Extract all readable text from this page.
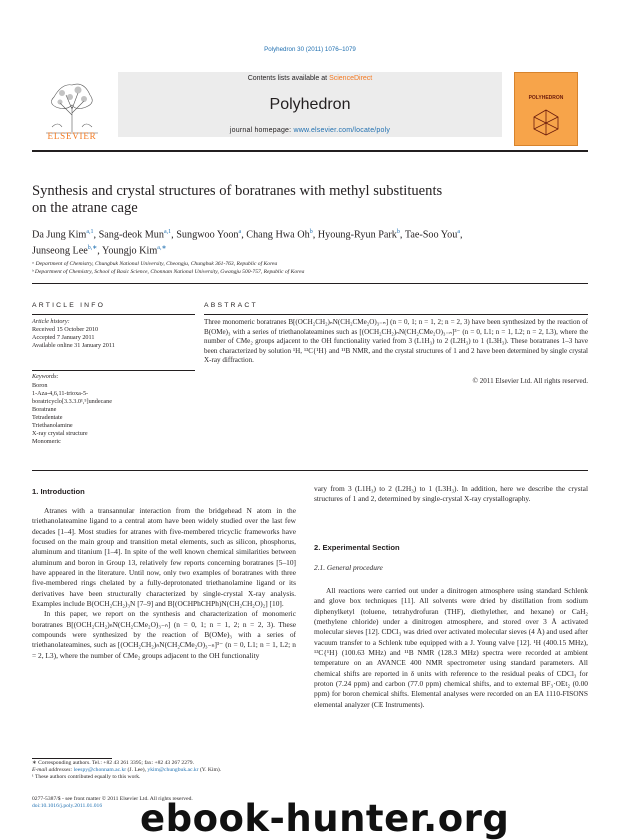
Polyhedron 30 (2011) 1076–1079
ELSEVIER
Contents lists available at ScienceDirect
Polyhedron
journal homepage: www.elsevier.com/locate/poly
POLYHEDRON
Synthesis and crystal structures of boratranes with methyl substituents
on the atrane cage
Da Jung Kim$^{a,1}$, Sang-deok Mun$^{a,1}$, Sungwoo Yoon$^a$, Chang Hwa Oh$^b$, Hyoung-Ryun Park$^b$, Tae-Soo You$^a$,
Junseong Lee$^{b,∗}$, Youngjo Kim$^{a,∗}$
ᵃ Department of Chemistry, Chungbuk National University, Cheongju, Chungbuk 361-763, Republic of Korea
ᵇ Department of Chemistry, School of Basic Science, Chonnam National University, Gwangju 500-757, Republic of Korea
ARTICLE INFO	ABSTRACT
Article history:
Received 15 October 2010
Accepted 7 January 2011
Available online 31 January 2011
Keywords:
Boron
1-Aza-4,6,11-trioxa-5-
boratricyclo[3.3.3.0¹,⁵]undecane
Boratrane
Tetradentate
Triethanolamine
X-ray crystal structure
Monomeric
Three monomeric boratranes B[(OCH₂CH₂)ₙN(CH₂CMe₂O)₃₋ₙ] (n = 0, 1; n = 1, 2; n = 2, 3) have been synthesized by the reaction of B(OMe)₃ with a series of triethanolateamines such as [(OCH₂CH₂)ₙN(CH₂CMe₂O)₃₋ₙ]³⁻ (n = 0, L1; n = 1, L2; n = 2, L3), where the number of CMe₂ groups adjacent to the OH functionality varied from 3 (L1H₃) to 2 (L2H₃) to 1 (L3H₃). These boratranes 1–3 have been characterized by solution ¹H, ¹³C{¹H} and ¹¹B NMR, and the crystal structures of 1 and 2 have been determined by single crystal X-ray diffraction.
© 2011 Elsevier Ltd. All rights reserved.
1. Introduction

Atranes with a transannular interaction from the bridgehead N atom in the triethanolateamine ligand to a central atom have been widely studied over the last few decades [1–4]. Most studies for atranes with five-membered tricyclic frameworks have focused on the main group and transition metal elements, such as silicon, phosphorus, aluminum and titanium [1–4]. In spite of the well known chemical similarities between aluminum and boron in Group 13, relatively few reports concerning boratranes [5–10] have appeared in the literature. Until now, only two examples of boratranes with three five-membered rings chelated by a fully-deprotonated triethanolamine ligand or its derivatives have been structurally characterized by single-crystal X-ray analysis. Examples include B(OCH₂CH₂)₃N [7–9] and B[(OCHPhCHPh)N(CH₂CH₂O)₂] [10].

In this paper, we report on the synthesis and characterization of monomeric boratranes B[(OCH₂CH₂)ₙN(CH₂CMe₂O)₃₋ₙ] (n = 0, 1; n = 1, 2; n = 2, 3). These compounds were synthesized by the reaction of B(OMe)₃ with a series of triethanolateamines, such as [(OCH₂CH₂)ₙN(CH₂CMe₂O)₃₋ₙ]³⁻ (n = 0, L1; n = 1, L2; n = 2, L3), where the number of CMe₂ groups adjacent to the OH functionality

vary from 3 (L1H₃) to 2 (L2H₃) to 1 (L3H₃). In addition, here we describe the crystal structures of 1 and 2, determined by single-crystal X-ray crystallography.
2. Experimental Section
2.1. General procedure

All reactions were carried out under a dinitrogen atmosphere using standard Schlenk and glove box techniques [11]. All solvents were dried by distillation from sodium diphenylketyl (toluene, tetrahydrofuran (THF), diethylether, and hexane) or CaH₂ (methylene chloride) under a dinitrogen atmosphere, and stored over 3 Å activated molecular sieves [12]. CDCl₃ was dried over activated molecular sieves (4 Å) and used after vacuum transfer to a Schlenk tube equipped with a J. Young valve [12]. ¹H (400.15 MHz), ¹³C{¹H} (100.63 MHz) and ¹¹B NMR (128.3 MHz) spectra were recorded at ambient temperature on an AVANCE 400 NMR spectrometer using standard parameters. All chemical shifts are reported in δ units with reference to the residual peaks of CDCl₃ for proton (7.24 ppm) and carbon (77.0 ppm) chemical shifts, and to external BF₃·OEt₂ (0.00 ppm) for boron chemical shifts. Elemental analyses were recorded on an EA 1110-FISONS elemental analyzer (CE Instruments).

∗ Corresponding authors. Tel.: +82 43 261 3395; fax: +82 43 267 2279.
E-mail addresses: leespy@chonnam.ac.kr (J. Lee), ykim@chungbuk.ac.kr (Y. Kim).
¹ These authors contributed equally to this work.
0277-5387/$ - see front matter © 2011 Elsevier Ltd. All rights reserved.
doi:10.1016/j.poly.2011.01.016	ebook-hunter.org
